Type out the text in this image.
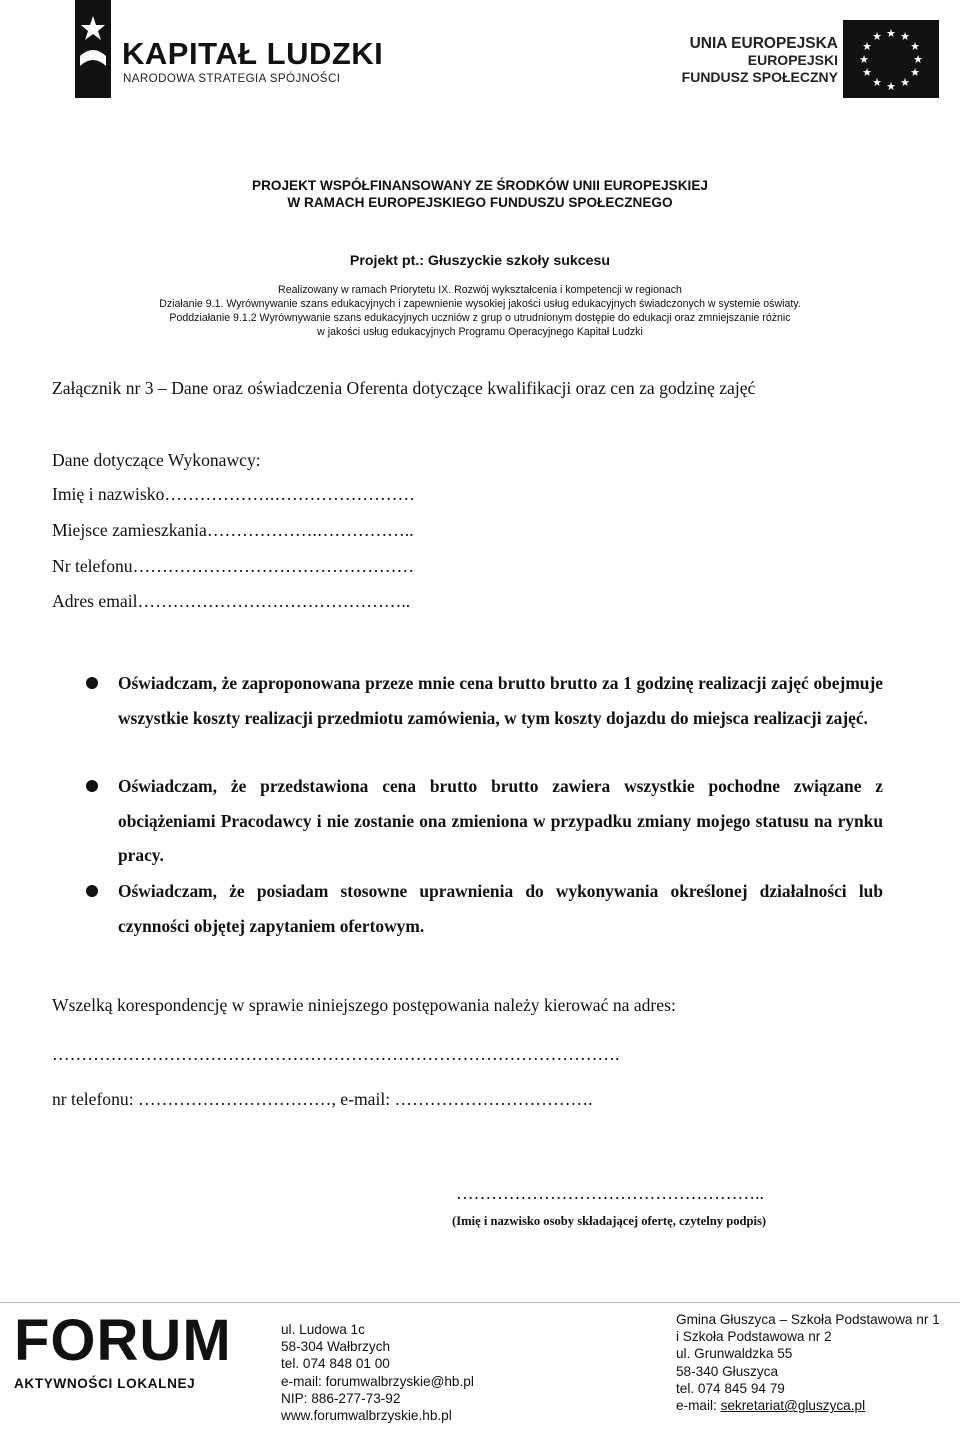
KAPITAŁ LUDZKI
NARODOWA STRATEGIA SPÓJNOŚCI
UNIA EUROPEJSKA
EUROPEJSKI
FUNDUSZ SPOŁECZNY
★ ★
★
★
★
★
★
★
★
★
★
★
PROJEKT WSPÓŁFINANSOWANY ZE ŚRODKÓW UNII EUROPEJSKIEJ
W RAMACH EUROPEJSKIEGO FUNDUSZU SPOŁECZNEGO
Projekt pt.: Głuszyckie szkoły sukcesu
Realizowany w ramach Priorytetu IX. Rozwój wykształcenia i kompetencji w regionach
Działanie 9.1. Wyrównywanie szans edukacyjnych i zapewnienie wysokiej jakości usług edukacyjnych świadczonych w systemie oświaty.
Poddziałanie 9.1.2 Wyrównywanie szans edukacyjnych uczniów z grup o utrudnionym dostępie do edukacji oraz zmniejszanie różnic
w jakości usług edukacyjnych Programu Operacyjnego Kapitał Ludzki
Załącznik nr 3 – Dane oraz oświadczenia Oferenta dotyczące kwalifikacji oraz cen za godzinę zajęć
Dane dotyczące Wykonawcy:
Imię i nazwisko……………….……………………
Miejsce zamieszkania……………….……………..
Nr telefonu…………………………………………
Adres email………………………………………..
Oświadczam, że zaproponowana przeze mnie cena brutto brutto za 1 godzinę realizacji zajęć obejmuje wszystkie koszty realizacji przedmiotu zamówienia, w tym koszty dojazdu do miejsca realizacji zajęć.
Oświadczam, że przedstawiona cena brutto brutto zawiera wszystkie pochodne związane z obciążeniami Pracodawcy i nie zostanie ona zmieniona w przypadku zmiany mojego statusu na rynku pracy.
Oświadczam, że posiadam stosowne uprawnienia do wykonywania określonej działalności lub czynności objętej zapytaniem ofertowym.
Wszelką korespondencję w sprawie niniejszego postępowania należy kierować na adres:
…………………………………………………………………………………….
nr telefonu: ……………………………, e-mail: …………………………….
……………………………………………..
(Imię i nazwisko osoby składającej ofertę, czytelny podpis)
FORUM
AKTYWNOŚCI LOKALNEJ
ul. Ludowa 1c
58-304 Wałbrzych
tel. 074 848 01 00
e-mail: forumwalbrzyskie@hb.pl
NIP: 886-277-73-92
www.forumwalbrzyskie.hb.pl
Gmina Głuszyca – Szkoła Podstawowa nr 1
i Szkoła Podstawowa nr 2
ul. Grunwaldzka 55
58-340 Głuszyca
tel. 074 845 94 79
e-mail: sekretariat@gluszyca.pl
